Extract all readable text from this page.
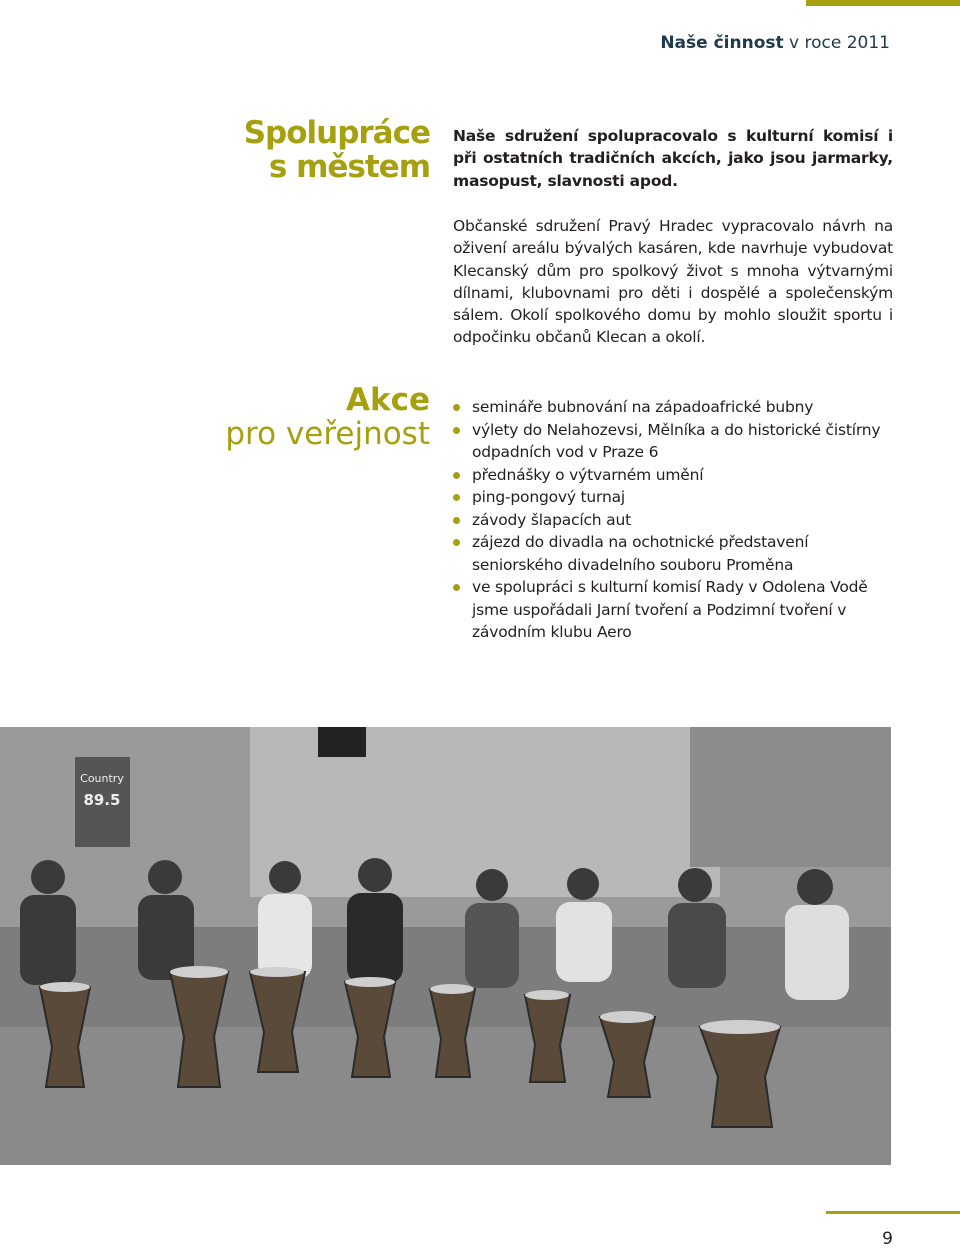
Naše činnost v roce 2011
Spolupráce
s městem
Naše sdružení spolupracovalo s kulturní komisí i při ostatních tradičních akcích, jako jsou jarmarky, masopust, slavnosti apod.
Občanské sdružení Pravý Hradec vypracovalo návrh na oživení areálu bývalých kasáren, kde navrhuje vybudovat Klecanský dům pro spolkový život s mnoha výtvarnými dílnami, klubovnami pro děti i dospělé a společenským sálem. Okolí spolkového domu by mohlo sloužit sportu i odpočinku občanů Klecan a okolí.
Akce
pro veřejnost
semináře bubnování na západoafrické bubny
výlety do Nelahozevsi, Mělníka a do historické čistírny odpadních vod v Praze 6
přednášky o výtvarném umění
ping-pongový turnaj
závody šlapacích aut
zájezd do divadla na ochotnické představení seniorského divadelního souboru Proměna
ve spolupráci s kulturní komisí Rady v Odolena Vodě jsme uspořádali Jarní tvoření a Podzimní tvoření v závodním klubu Aero
Country
89.5
9
